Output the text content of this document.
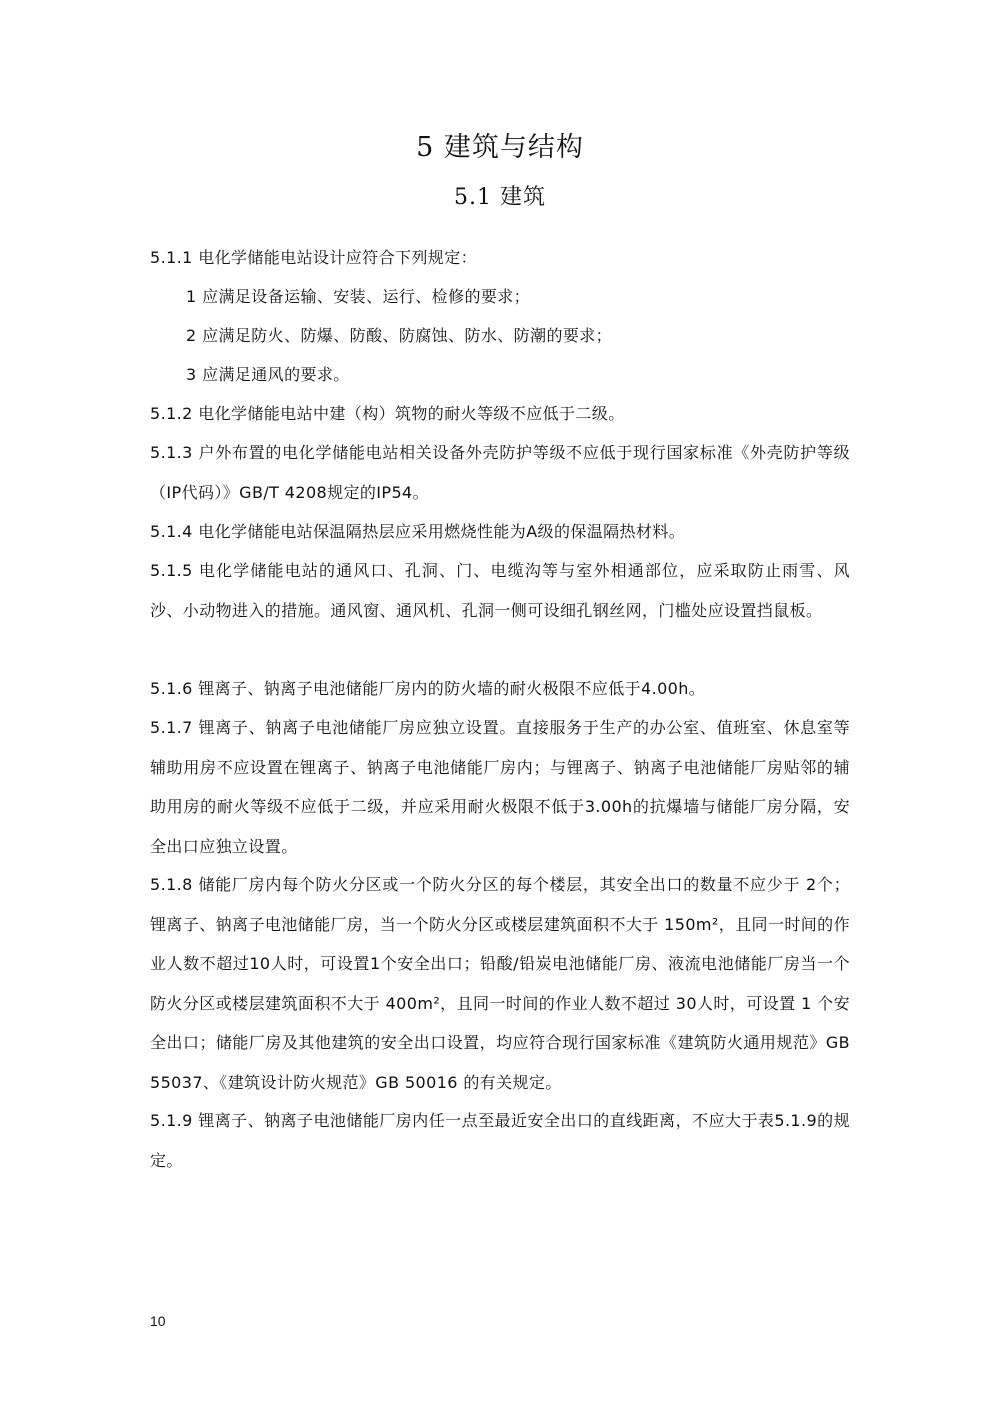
5 建筑与结构
5.1 建筑
5.1.1 电化学储能电站设计应符合下列规定：
1 应满足设备运输、安装、运行、检修的要求；
2 应满足防火、防爆、防酸、防腐蚀、防水、防潮的要求；
3 应满足通风的要求。
5.1.2 电化学储能电站中建（构）筑物的耐火等级不应低于二级。
5.1.3 户外布置的电化学储能电站相关设备外壳防护等级不应低于现行国家标准《外壳防护等级（IP代码）》GB/T 4208规定的IP54。
5.1.4 电化学储能电站保温隔热层应采用燃烧性能为A级的保温隔热材料。
5.1.5 电化学储能电站的通风口、孔洞、门、电缆沟等与室外相通部位，应采取防止雨雪、风沙、小动物进入的措施。通风窗、通风机、孔洞一侧可设细孔钢丝网，门槛处应设置挡鼠板。
5.1.6 锂离子、钠离子电池储能厂房内的防火墙的耐火极限不应低于4.00h。
5.1.7 锂离子、钠离子电池储能厂房应独立设置。直接服务于生产的办公室、值班室、休息室等辅助用房不应设置在锂离子、钠离子电池储能厂房内；与锂离子、钠离子电池储能厂房贴邻的辅助用房的耐火等级不应低于二级，并应采用耐火极限不低于3.00h的抗爆墙与储能厂房分隔，安全出口应独立设置。
5.1.8 储能厂房内每个防火分区或一个防火分区的每个楼层，其安全出口的数量不应少于 2个；锂离子、钠离子电池储能厂房，当一个防火分区或楼层建筑面积不大于 150m²，且同一时间的作业人数不超过10人时，可设置1个安全出口；铅酸/铅炭电池储能厂房、液流电池储能厂房当一个防火分区或楼层建筑面积不大于 400m²，且同一时间的作业人数不超过 30人时，可设置 1 个安全出口；储能厂房及其他建筑的安全出口设置，均应符合现行国家标准《建筑防火通用规范》GB 55037、《建筑设计防火规范》GB 50016 的有关规定。
5.1.9 锂离子、钠离子电池储能厂房内任一点至最近安全出口的直线距离，不应大于表5.1.9的规定。
10
